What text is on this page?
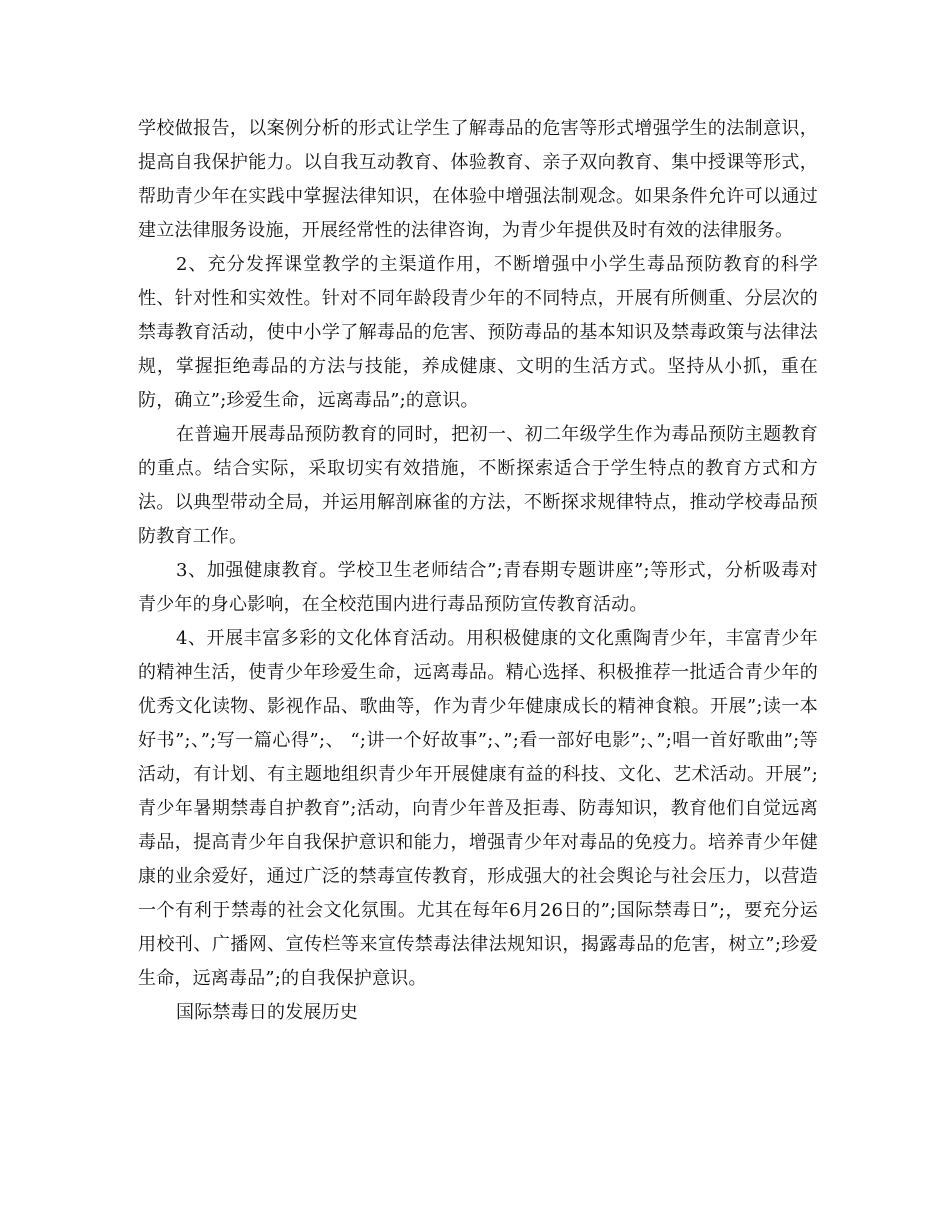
学校做报告，以案例分析的形式让学生了解毒品的危害等形式增强学生的法制意识，提高自我保护能力。以自我互动教育、体验教育、亲子双向教育、集中授课等形式，帮助青少年在实践中掌握法律知识，在体验中增强法制观念。如果条件允许可以通过建立法律服务设施，开展经常性的法律咨询，为青少年提供及时有效的法律服务。

2、充分发挥课堂教学的主渠道作用，不断增强中小学生毒品预防教育的科学性、针对性和实效性。针对不同年龄段青少年的不同特点，开展有所侧重、分层次的禁毒教育活动，使中小学了解毒品的危害、预防毒品的基本知识及禁毒政策与法律法规，掌握拒绝毒品的方法与技能，养成健康、文明的生活方式。坚持从小抓，重在防，确立”;珍爱生命，远离毒品”;的意识。

在普遍开展毒品预防教育的同时，把初一、初二年级学生作为毒品预防主题教育的重点。结合实际，采取切实有效措施，不断探索适合于学生特点的教育方式和方法。以典型带动全局，并运用解剖麻雀的方法，不断探求规律特点，推动学校毒品预防教育工作。

3、加强健康教育。学校卫生老师结合”;青春期专题讲座”;等形式，分析吸毒对青少年的身心影响，在全校范围内进行毒品预防宣传教育活动。

4、开展丰富多彩的文化体育活动。用积极健康的文化熏陶青少年，丰富青少年的精神生活，使青少年珍爱生命，远离毒品。精心选择、积极推荐一批适合青少年的优秀文化读物、影视作品、歌曲等，作为青少年健康成长的精神食粮。开展”;读一本好书”;、”;写一篇心得”;、 “;讲一个好故事”;、”;看一部好电影”;、”;唱一首好歌曲”;等活动，有计划、有主题地组织青少年开展健康有益的科技、文化、艺术活动。开展”;青少年暑期禁毒自护教育”;活动，向青少年普及拒毒、防毒知识，教育他们自觉远离毒品，提高青少年自我保护意识和能力，增强青少年对毒品的免疫力。培养青少年健康的业余爱好，通过广泛的禁毒宣传教育，形成强大的社会舆论与社会压力，以营造一个有利于禁毒的社会文化氛围。尤其在每年6月26日的”;国际禁毒日”;，要充分运用校刊、广播网、宣传栏等来宣传禁毒法律法规知识，揭露毒品的危害，树立”;珍爱生命，远离毒品”;的自我保护意识。

国际禁毒日的发展历史
